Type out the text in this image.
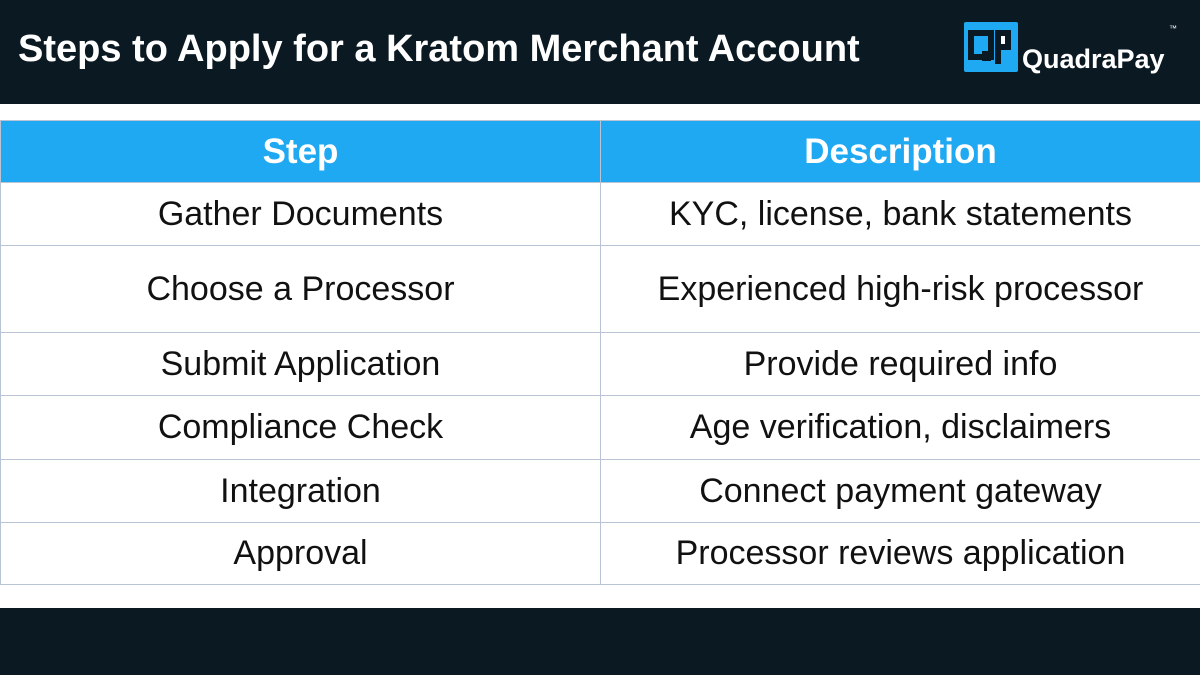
Steps to Apply for a Kratom Merchant Account	QuadraPay
™
Step	Description
Gather Documents	KYC, license, bank statements
Choose a Processor	Experienced high-risk processor
Submit Application	Provide required info
Compliance Check	Age verification, disclaimers
Integration	Connect payment gateway
Approval	Processor reviews application
